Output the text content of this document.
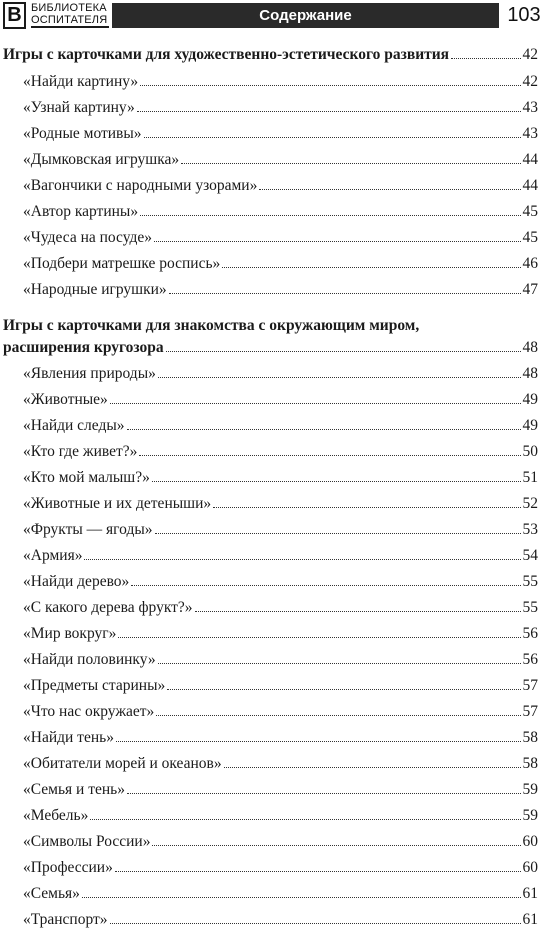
B БИБЛИОТЕКА
ОСПИТАТЕЛЯ	Содержание	103
Игры с карточками для художественно-эстетического развития	42
«Найди картину»	42
«Узнай картину»	43
«Родные мотивы»	43
«Дымковская игрушка»	44
«Вагончики с народными узорами»	44
«Автор картины»	45
«Чудеса на посуде»	45
«Подбери матрешке роспись»	46
«Народные игрушки»	47
Игры с карточками для знакомства с окружающим миром,
расширения кругозора	48
«Явления природы»	48
«Животные»	49
«Найди следы»	49
«Кто где живет?»	50
«Кто мой малыш?»	51
«Животные и их детеныши»	52
«Фрукты — ягоды»	53
«Армия»	54
«Найди дерево»	55
«С какого дерева фрукт?»	55
«Мир вокруг»	56
«Найди половинку»	56
«Предметы старины»	57
«Что нас окружает»	57
«Найди тень»	58
«Обитатели морей и океанов»	58
«Семья и тень»	59
«Мебель»	59
«Символы России»	60
«Профессии»	60
«Семья»	61
«Транспорт»	61
